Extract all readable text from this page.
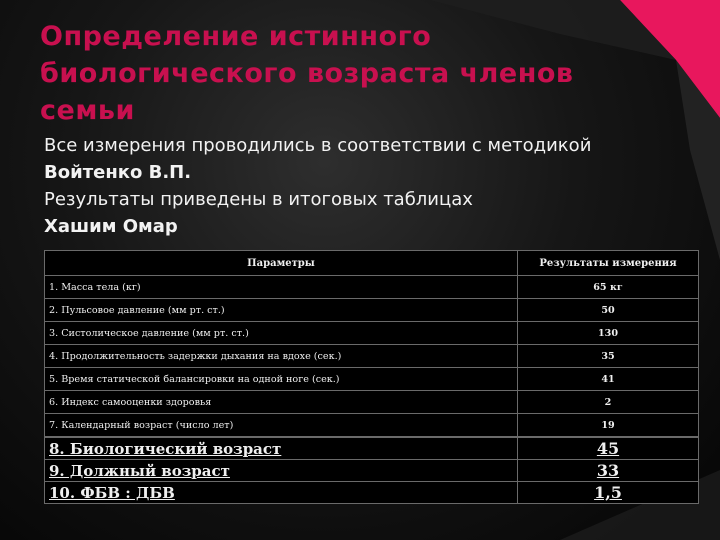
Определение истинного биологического возраста членов семьи
Все измерения проводились в соответствии с методикой
Войтенко В.П.
Результаты приведены в итоговых таблицах
Хашим Омар
Параметры	Результаты измерения
1. Масса тела (кг)	65 кг
2. Пульсовое давление (мм рт. ст.)	50
3. Систолическое давление (мм рт. ст.)	130
4. Продолжительность задержки дыхания на вдохе (сек.)	35
5. Время статической балансировки на одной ноге (сек.)	41
6. Индекс самооценки здоровья	2
7. Календарный возраст (число лет)	19
8. Биологический возраст	45
9. Должный возраст	33
10. ФБВ : ДБВ	1,5
